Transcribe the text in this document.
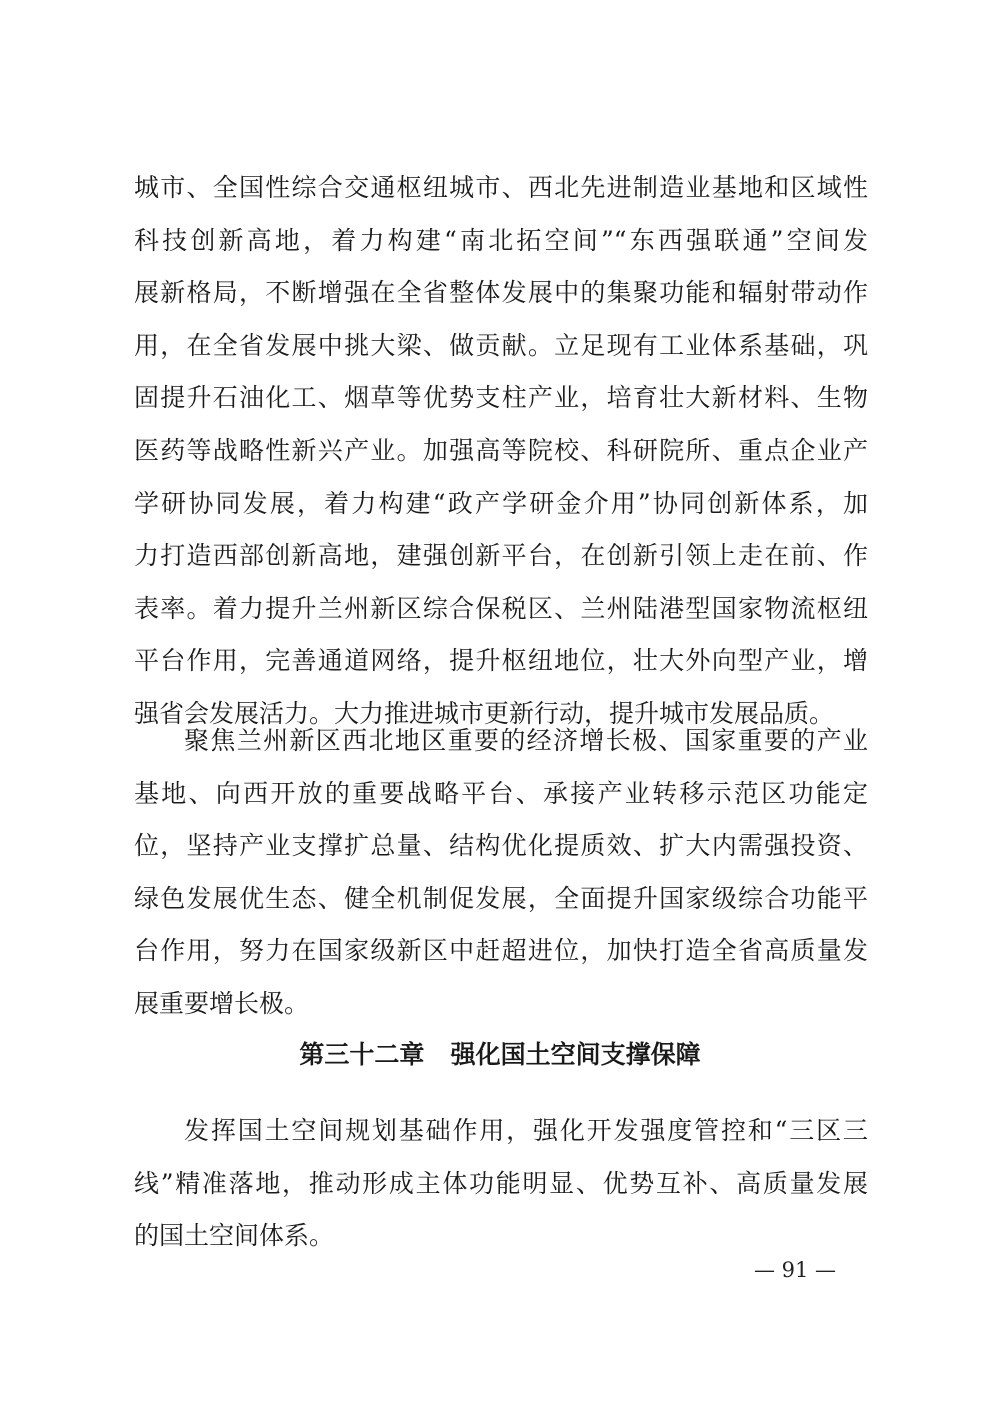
城市、全国性综合交通枢纽城市、西北先进制造业基地和区域性
科技创新高地，着力构建“南北拓空间”“东西强联通”空间发
展新格局，不断增强在全省整体发展中的集聚功能和辐射带动作
用，在全省发展中挑大梁、做贡献。立足现有工业体系基础，巩
固提升石油化工、烟草等优势支柱产业，培育壮大新材料、生物
医药等战略性新兴产业。加强高等院校、科研院所、重点企业产
学研协同发展，着力构建“政产学研金介用”协同创新体系，加
力打造西部创新高地，建强创新平台，在创新引领上走在前、作
表率。着力提升兰州新区综合保税区、兰州陆港型国家物流枢纽
平台作用，完善通道网络，提升枢纽地位，壮大外向型产业，增
强省会发展活力。大力推进城市更新行动，提升城市发展品质。
聚焦兰州新区西北地区重要的经济增长极、国家重要的产业
基地、向西开放的重要战略平台、承接产业转移示范区功能定
位，坚持产业支撑扩总量、结构优化提质效、扩大内需强投资、
绿色发展优生态、健全机制促发展，全面提升国家级综合功能平
台作用，努力在国家级新区中赶超进位，加快打造全省高质量发
展重要增长极。
第三十二章 强化国土空间支撑保障
发挥国土空间规划基础作用，强化开发强度管控和“三区三
线”精准落地，推动形成主体功能明显、优势互补、高质量发展
的国土空间体系。
— 91 —
